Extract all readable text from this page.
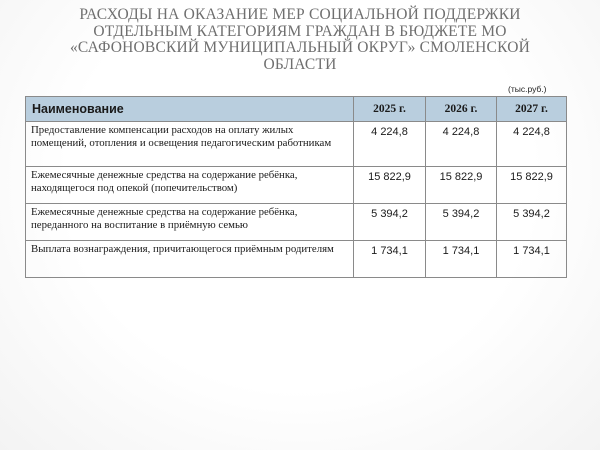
РАСХОДЫ НА ОКАЗАНИЕ МЕР СОЦИАЛЬНОЙ ПОДДЕРЖКИ
ОТДЕЛЬНЫМ КАТЕГОРИЯМ ГРАЖДАН В БЮДЖЕТЕ МО
«САФОНОВСКИЙ МУНИЦИПАЛЬНЫЙ ОКРУГ» СМОЛЕНСКОЙ
ОБЛАСТИ
(тыс.руб.)
Наименование	2025 г.	2026 г.	2027 г.
Предоставление компенсации расходов на оплату жилых помещений, отопления и освещения педагогическим работникам	4 224,8	4 224,8	4 224,8
Ежемесячные денежные средства на содержание ребёнка, находящегося под опекой (попечительством)	15 822,9	15 822,9	15 822,9
Ежемесячные денежные средства на содержание ребёнка, переданного на воспитание в приёмную семью	5 394,2	5 394,2	5 394,2
Выплата вознаграждения, причитающегося приёмным родителям	1 734,1	1 734,1	1 734,1
